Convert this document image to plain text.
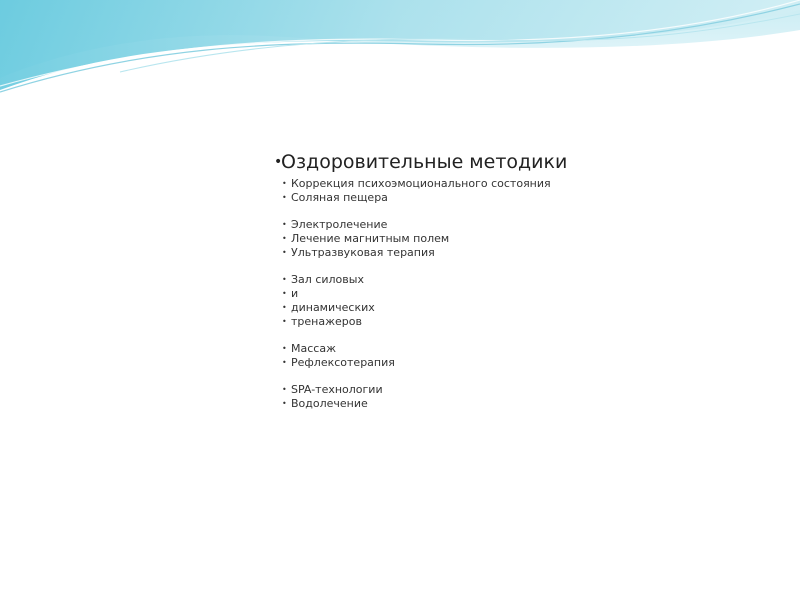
•
Оздоровительные методики
• Коррекция психоэмоционального состояния
• Соляная пещера
• Электролечение
• Лечение магнитным полем
• Ультразвуковая терапия
• Зал силовых
• и
• динамических
• тренажеров
• Массаж
• Рефлексотерапия
• SPA-технологии
• Водолечение
